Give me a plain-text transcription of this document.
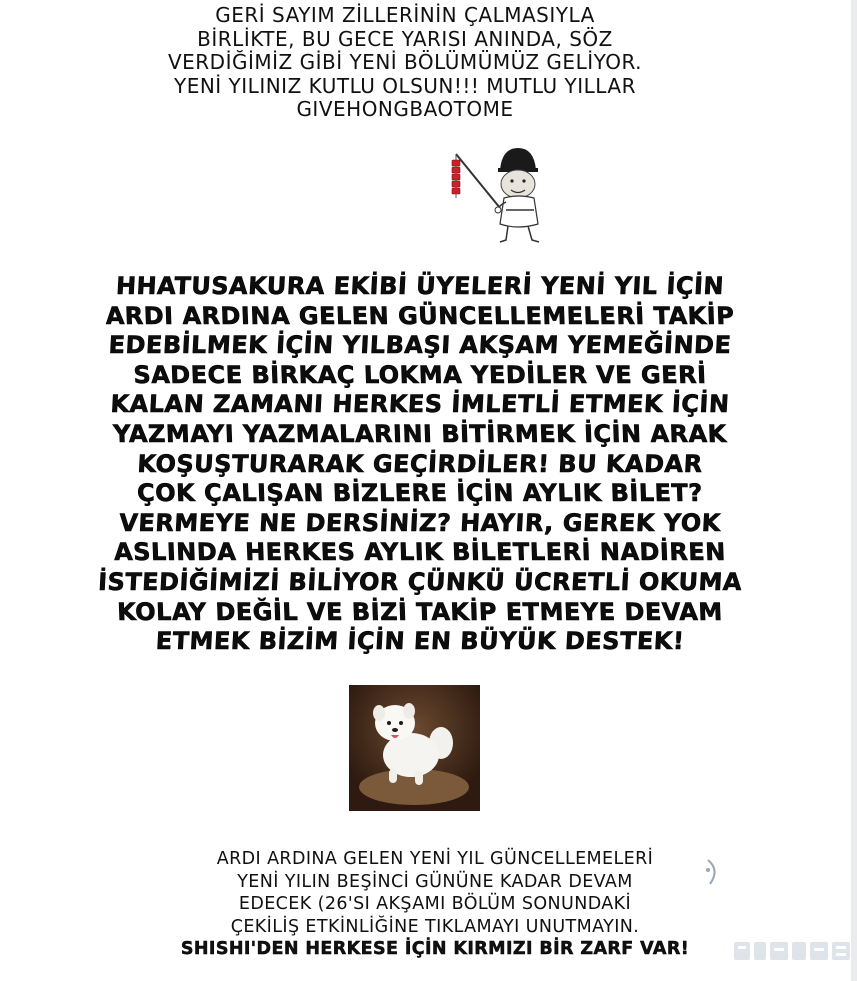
GERİ SAYIM ZİLLERİNİN ÇALMASIYLA
BİRLİKTE, BU GECE YARISI ANINDA, SÖZ
VERDİĞİMİZ GİBİ YENİ BÖLÜMÜMÜZ GELİYOR.
YENİ YILINIZ KUTLU OLSUN!!! MUTLU YILLAR
GIVEHONGBAOTOME
HHATUSAKURA EKİBİ ÜYELERİ YENİ YIL İÇİN
ARDI ARDINA GELEN GÜNCELLEMELERİ TAKİP
EDEBİLMEK İÇİN YILBAŞI AKŞAM YEMEĞİNDE
SADECE BİRKAÇ LOKMA YEDİLER VE GERİ
KALAN ZAMANI HERKES İMLETLİ ETMEK İÇİN
YAZMAYI YAZMALARINI BİTİRMEK İÇİN ARAK
KOŞUŞTURARAK GEÇİRDİLER! BU KADAR
ÇOK ÇALIŞAN BİZLERE İÇİN AYLIK BİLET?
VERMEYE NE DERSİNİZ? HAYIR, GEREK YOK
ASLINDA HERKES AYLIK BİLETLERİ NADİREN
İSTEDİĞİMİZİ BİLİYOR ÇÜNKÜ ÜCRETLİ OKUMA
KOLAY DEĞİL VE BİZİ TAKİP ETMEYE DEVAM
ETMEK BİZİM İÇİN EN BÜYÜK DESTEK!
ARDI ARDINA GELEN YENİ YIL GÜNCELLEMELERİ
YENİ YILIN BEŞİNCİ GÜNÜNE KADAR DEVAM
EDECEK (26'SI AKŞAMI BÖLÜM SONUNDAKİ
ÇEKİLİŞ ETKİNLİĞİNE TIKLAMAYI UNUTMAYIN.
SHISHI'DEN HERKESE İÇİN KIRMIZI BİR ZARF VAR!
